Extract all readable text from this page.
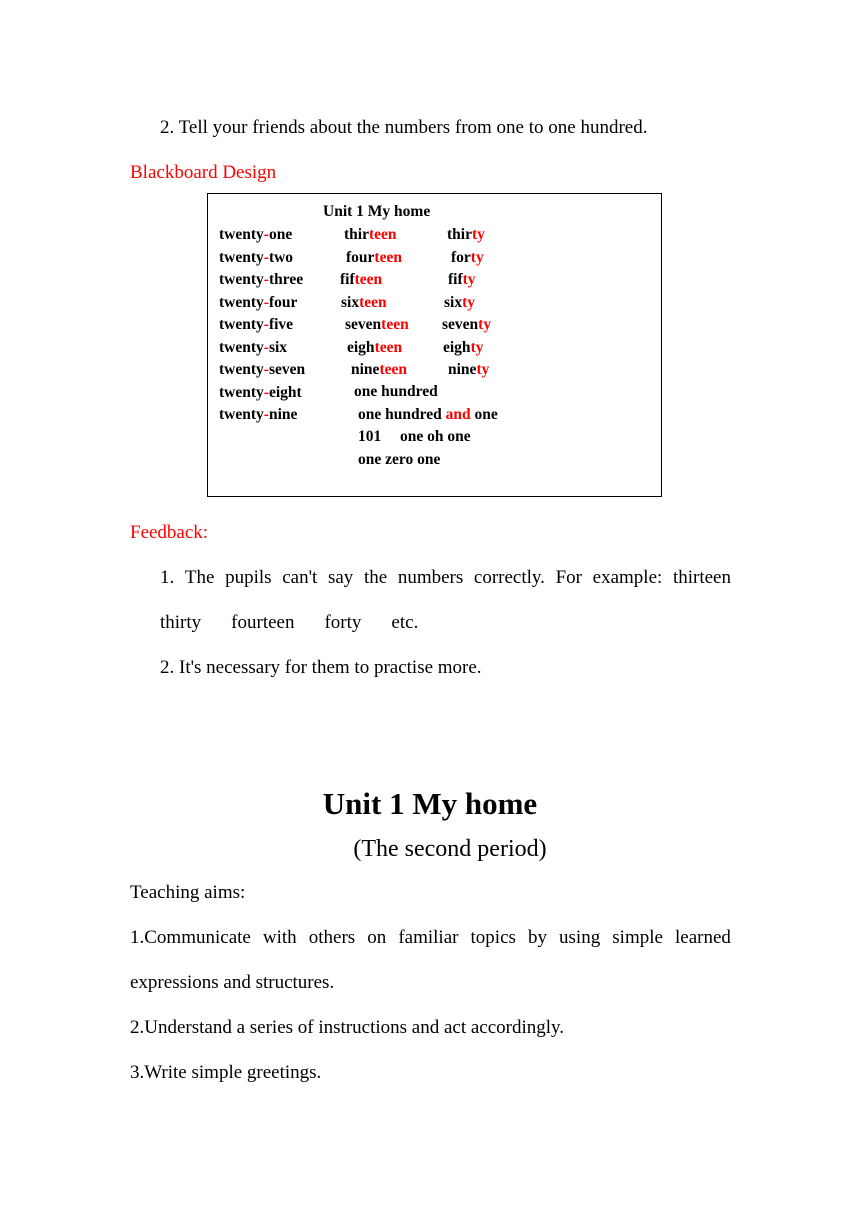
2. Tell your friends about the numbers from one to one hundred.
Blackboard Design
Unit 1 My home
twenty-one
twenty-two
twenty-three
twenty-four
twenty-five
twenty-six
twenty-seven
twenty-eight
twenty-nine
thirteen
fourteen
fifteen
sixteen
seventeen
eighteen
nineteen
thirty
forty
fifty
sixty
seventy
eighty
ninety
one hundred
one hundred and one
101 one oh one
one zero one
Feedback:
1. The pupils can't say the numbers correctly. For example: thirteen
thirty fourteen forty etc.
2. It's necessary for them to practise more.
Unit 1 My home
(The second period)
Teaching aims:
1.Communicate with others on familiar topics by using simple learned
expressions and structures.
2.Understand a series of instructions and act accordingly.
3.Write simple greetings.
